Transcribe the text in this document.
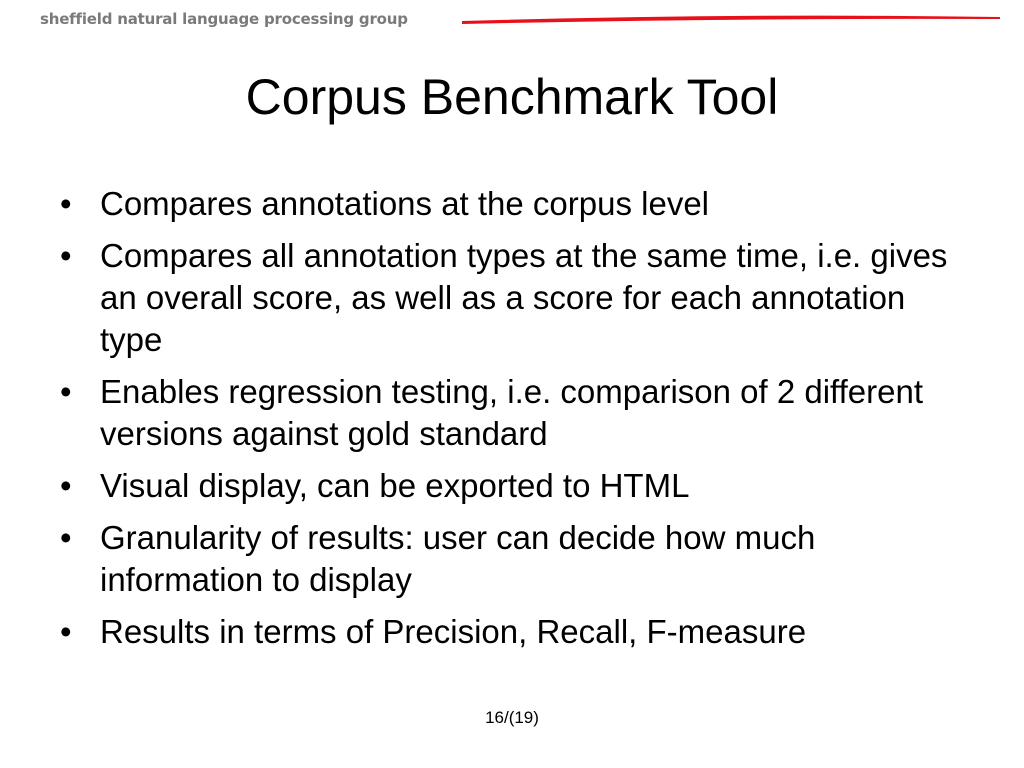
sheffield natural language processing group
Corpus Benchmark Tool
• Compares annotations at the corpus level
• Compares all annotation types at the same time, i.e. gives an overall score, as well as a score for each annotation type
• Enables regression testing, i.e. comparison of 2 different versions against gold standard
• Visual display, can be exported to HTML
• Granularity of results: user can decide how much information to display
• Results in terms of Precision, Recall, F-measure
16/(19)
